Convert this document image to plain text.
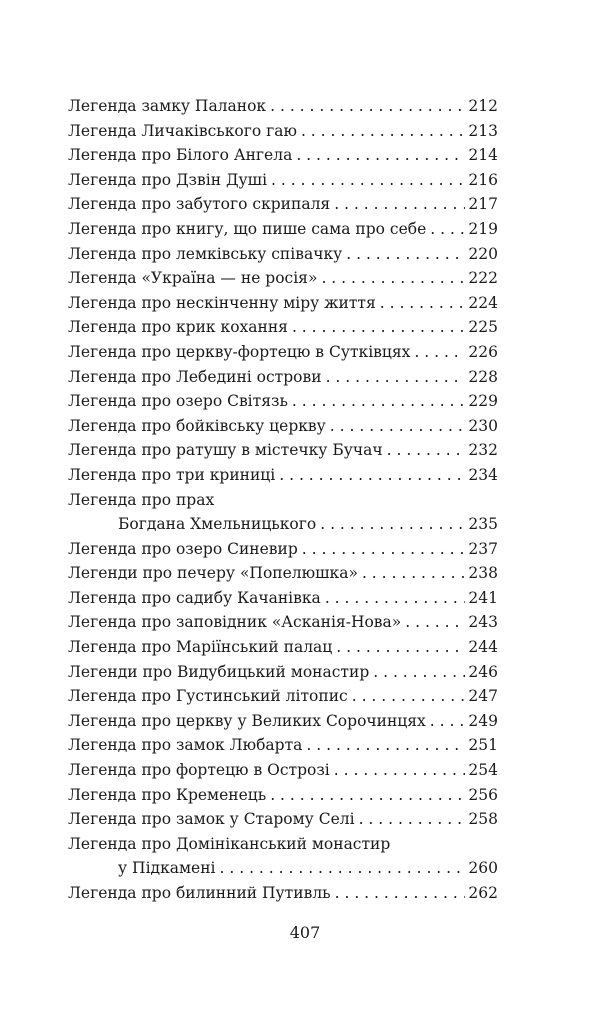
Легенда замку Паланок . . .	212
Легенда Личаківського гаю . . .	213
Легенда про Білого Ангела . . .	214
Легенда про Дзвін Душі . . .	216
Легенда про забутого скрипаля . . .	217
Легенда про книгу, що пише сама про себе . . .	219
Легенда про лемківську співачку . . .	220
Легенда «Україна — не росія» . . .	222
Легенда про нескінченну міру життя . . .	224
Легенда про крик кохання . . .	225
Легенда про церкву-фортецю в Сутківцях . . .	226
Легенда про Лебедині острови . . .	228
Легенда про озеро Світязь . . .	229
Легенда про бойківську церкву . . .	230
Легенда про ратушу в містечку Бучач . . .	232
Легенда про три криниці . . .	234
Легенда про прах
Богдана Хмельницького . . .	235
Легенда про озеро Синевир . . .	237
Легенди про печеру «Попелюшка» . . .	238
Легенда про садибу Качанівка . . .	241
Легенда про заповідник «Асканія-Нова» . . .	243
Легенда про Маріїнський палац . . .	244
Легенди про Видубицький монастир . . .	246
Легенда про Густинський літопис . . .	247
Легенда про церкву у Великих Сорочинцях . . .	249
Легенда про замок Любарта . . .	251
Легенда про фортецю в Острозі . . .	254
Легенда про Кременець . . .	256
Легенда про замок у Старому Селі . . .	258
Легенда про Домініканський монастир
у Підкамені . . .	260
Легенда про билинний Путивль . . .	262
407
